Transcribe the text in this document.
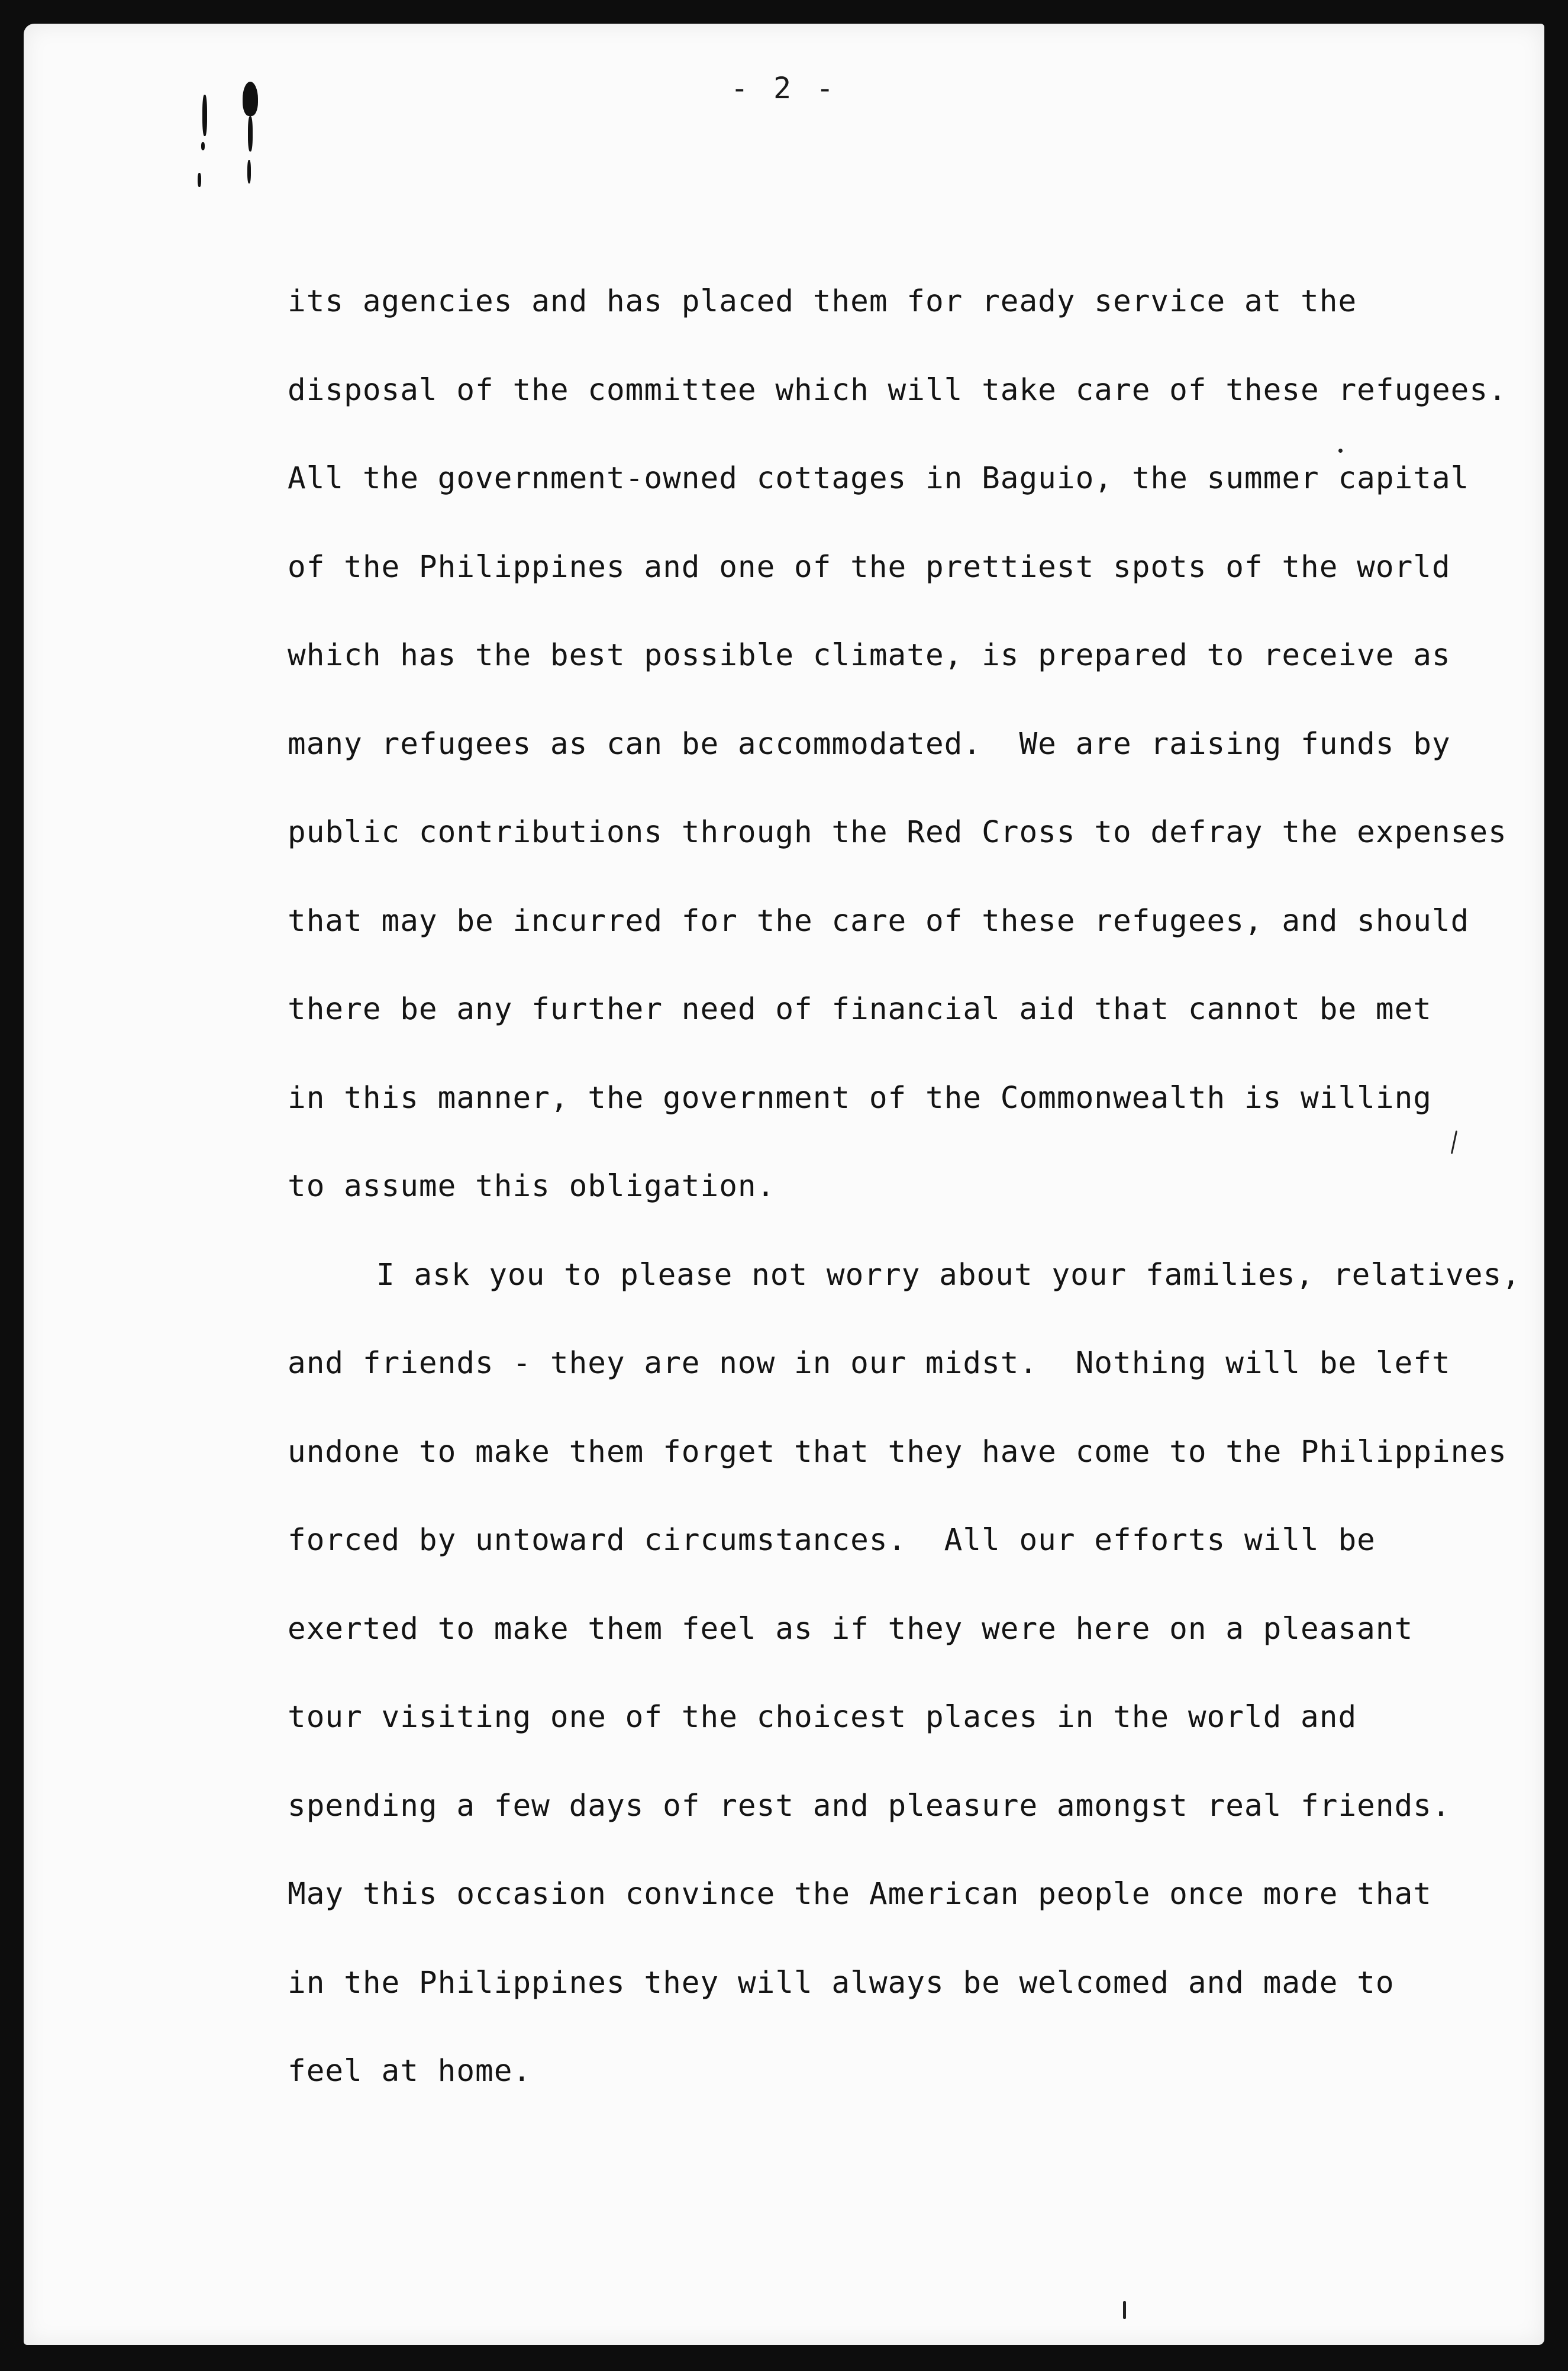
- 2 -
its agencies and has placed them for ready service at the
disposal of the committee which will take care of these refugees.
All the government-owned cottages in Baguio, the summer capital
of the Philippines and one of the prettiest spots of the world
which has the best possible climate, is prepared to receive as
many refugees as can be accommodated.  We are raising funds by
public contributions through the Red Cross to defray the expenses
that may be incurred for the care of these refugees, and should
there be any further need of financial aid that cannot be met
in this manner, the government of the Commonwealth is willing
to assume this obligation.
I ask you to please not worry about your families, relatives,
and friends - they are now in our midst.  Nothing will be left
undone to make them forget that they have come to the Philippines
forced by untoward circumstances.  All our efforts will be
exerted to make them feel as if they were here on a pleasant
tour visiting one of the choicest places in the world and
spending a few days of rest and pleasure amongst real friends.
May this occasion convince the American people once more that
in the Philippines they will always be welcomed and made to
feel at home.
